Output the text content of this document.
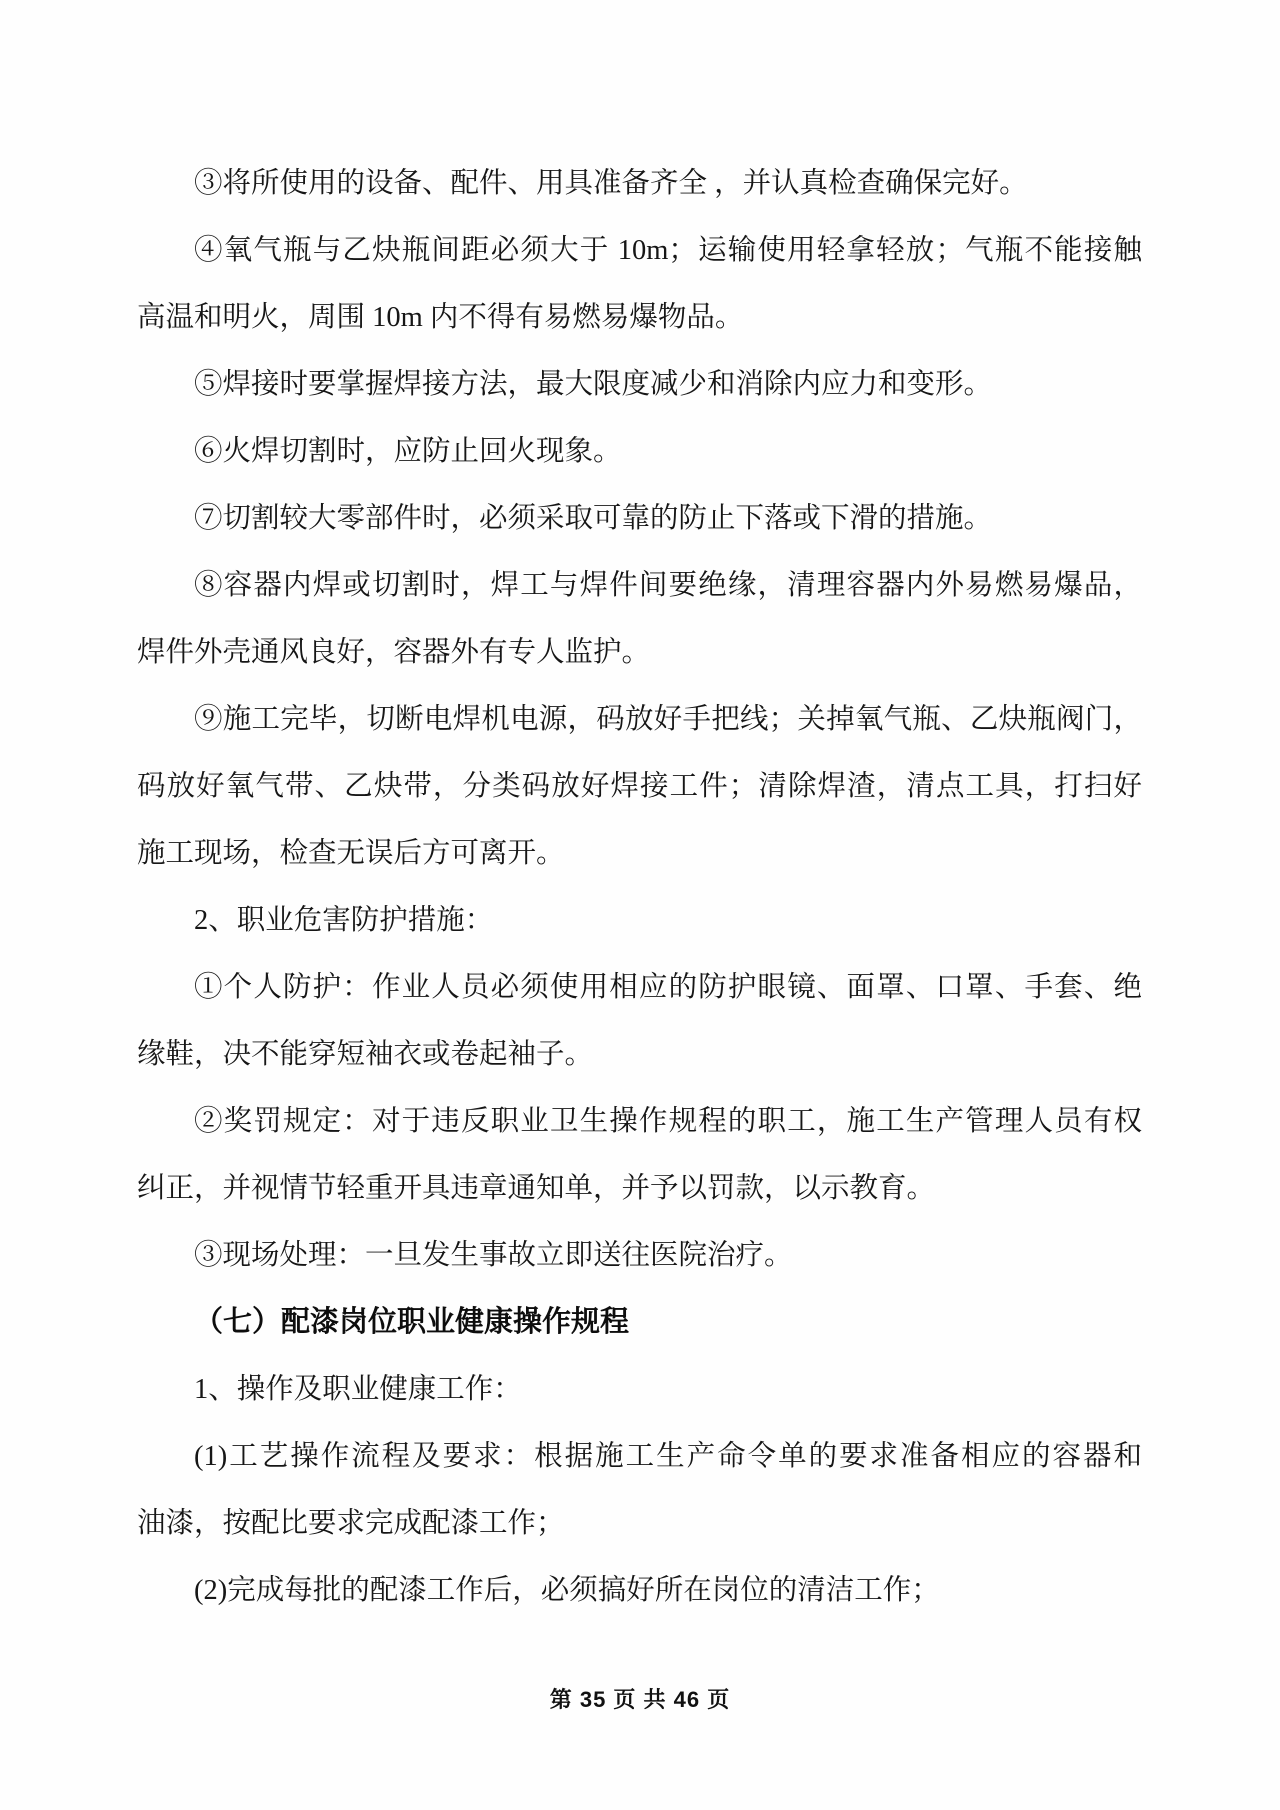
③将所使用的设备、配件、用具准备齐全 ，并认真检查确保完好。
④氧气瓶与乙炔瓶间距必须大于 10m；运输使用轻拿轻放；气瓶不能接触
高温和明火，周围 10m 内不得有易燃易爆物品。
⑤焊接时要掌握焊接方法，最大限度减少和消除内应力和变形。
⑥火焊切割时，应防止回火现象。
⑦切割较大零部件时，必须采取可靠的防止下落或下滑的措施。
⑧容器内焊或切割时，焊工与焊件间要绝缘，清理容器内外易燃易爆品，
焊件外壳通风良好，容器外有专人监护。
⑨施工完毕，切断电焊机电源，码放好手把线；关掉氧气瓶、乙炔瓶阀门，
码放好氧气带、乙炔带，分类码放好焊接工件；清除焊渣，清点工具，打扫好
施工现场，检查无误后方可离开。
2、职业危害防护措施：
①个人防护：作业人员必须使用相应的防护眼镜、面罩、口罩、手套、绝
缘鞋，决不能穿短袖衣或卷起袖子。
②奖罚规定：对于违反职业卫生操作规程的职工，施工生产管理人员有权
纠正，并视情节轻重开具违章通知单，并予以罚款，以示教育。
③现场处理：一旦发生事故立即送往医院治疗。
（七）配漆岗位职业健康操作规程
1、操作及职业健康工作：
(1)工艺操作流程及要求：根据施工生产命令单的要求准备相应的容器和
油漆，按配比要求完成配漆工作；
(2)完成每批的配漆工作后，必须搞好所在岗位的清洁工作；
第 35 页 共 46 页
